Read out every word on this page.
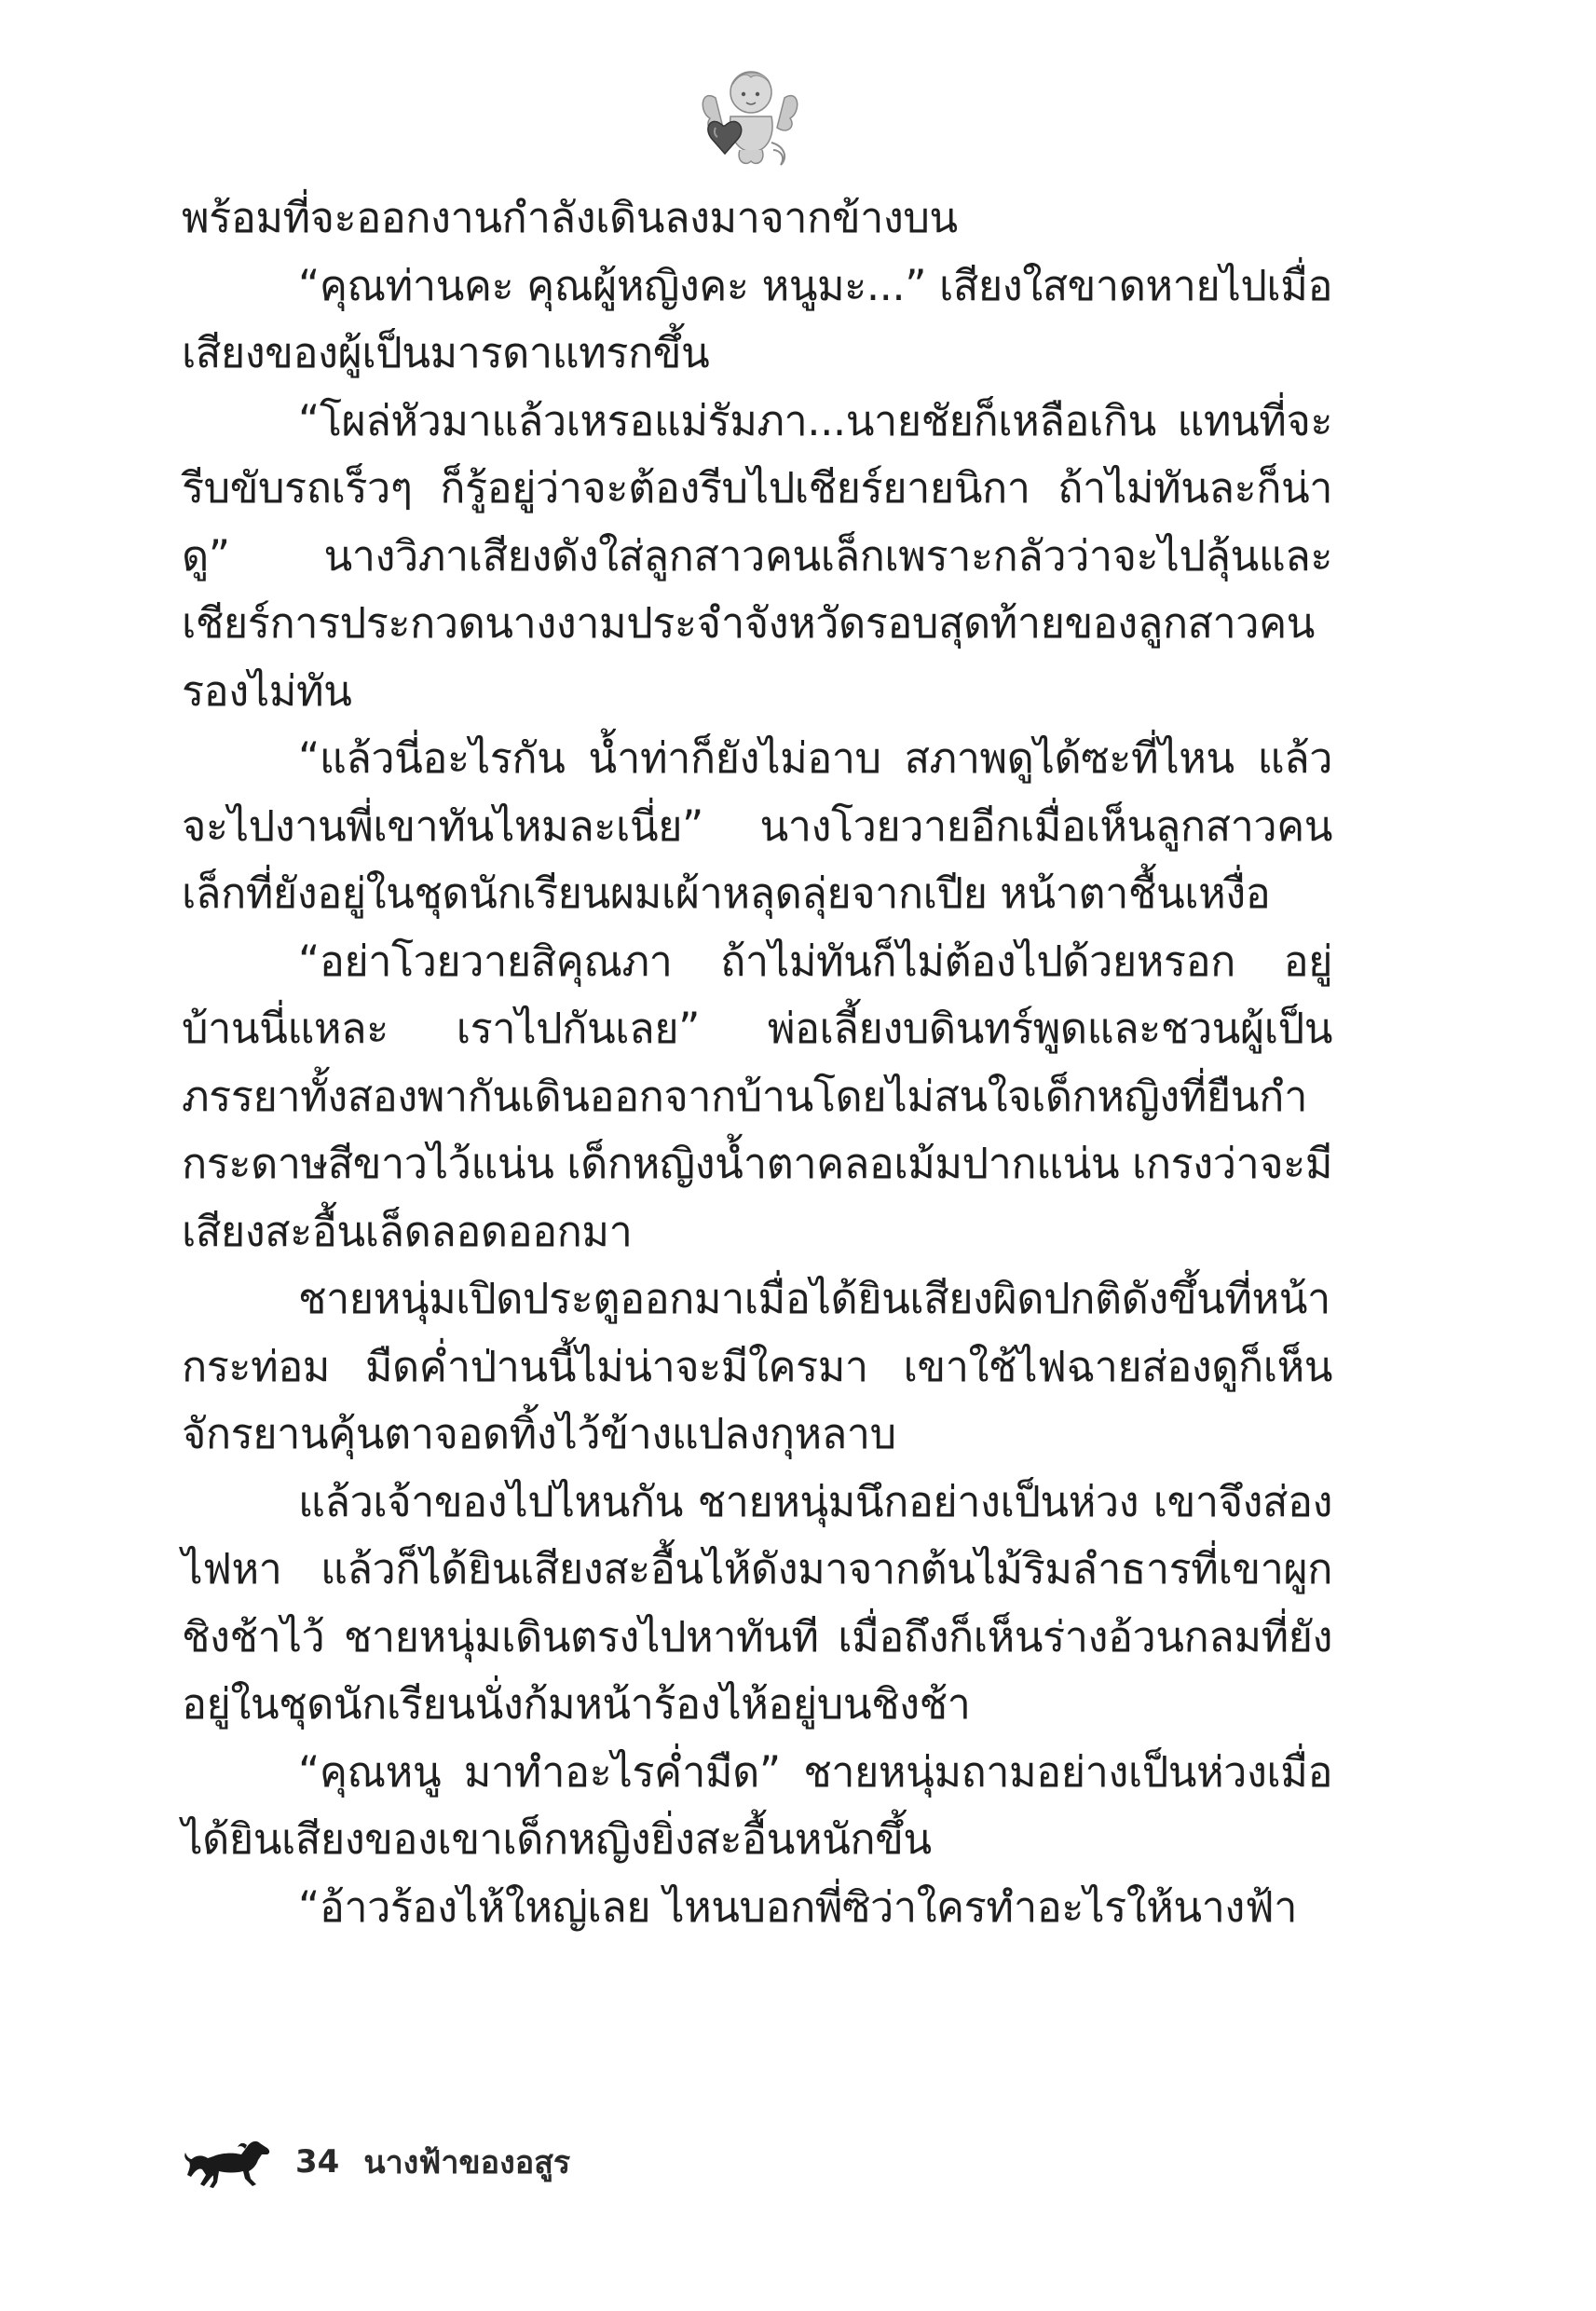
พร้อมที่จะออกงานกำลังเดินลงมาจากข้างบน

“คุณท่านคะ คุณผู้หญิงคะ หนูมะ...” เสียงใสขาดหายไปเมื่อเสียงของผู้เป็นมารดาแทรกขึ้น

“โผล่หัวมาแล้วเหรอแม่รัมภา...นายชัยก็เหลือเกิน แทนที่จะรีบขับรถเร็วๆ ก็รู้อยู่ว่าจะต้องรีบไปเชียร์ยายนิกา ถ้าไม่ทันละก็น่าดู” นางวิภาเสียงดังใส่ลูกสาวคนเล็กเพราะกลัวว่าจะไปลุ้นและเชียร์การประกวดนางงามประจำจังหวัดรอบสุดท้ายของลูกสาวคนรองไม่ทัน

“แล้วนี่อะไรกัน น้ำท่าก็ยังไม่อาบ สภาพดูได้ซะที่ไหน แล้วจะไปงานพี่เขาทันไหมละเนี่ย” นางโวยวายอีกเมื่อเห็นลูกสาวคนเล็กที่ยังอยู่ในชุดนักเรียนผมเผ้าหลุดลุ่ยจากเปีย หน้าตาชื้นเหงื่อ

“อย่าโวยวายสิคุณภา ถ้าไม่ทันก็ไม่ต้องไปด้วยหรอก อยู่บ้านนี่แหละ เราไปกันเลย” พ่อเลี้ยงบดินทร์พูดและชวนผู้เป็นภรรยาทั้งสองพากันเดินออกจากบ้านโดยไม่สนใจเด็กหญิงที่ยืนกำกระดาษสีขาวไว้แน่น เด็กหญิงน้ำตาคลอเม้มปากแน่น เกรงว่าจะมีเสียงสะอื้นเล็ดลอดออกมา

ชายหนุ่มเปิดประตูออกมาเมื่อได้ยินเสียงผิดปกติดังขึ้นที่หน้ากระท่อม มืดค่ำป่านนี้ไม่น่าจะมีใครมา เขาใช้ไฟฉายส่องดูก็เห็นจักรยานคุ้นตาจอดทิ้งไว้ข้างแปลงกุหลาบ

แล้วเจ้าของไปไหนกัน ชายหนุ่มนึกอย่างเป็นห่วง เขาจึงส่องไฟหา แล้วก็ได้ยินเสียงสะอื้นไห้ดังมาจากต้นไม้ริมลำธารที่เขาผูกชิงช้าไว้ ชายหนุ่มเดินตรงไปหาทันที เมื่อถึงก็เห็นร่างอ้วนกลมที่ยังอยู่ในชุดนักเรียนนั่งก้มหน้าร้องไห้อยู่บนชิงช้า

“คุณหนู มาทำอะไรค่ำมืด” ชายหนุ่มถามอย่างเป็นห่วงเมื่อได้ยินเสียงของเขาเด็กหญิงยิ่งสะอื้นหนักขึ้น

“อ้าวร้องไห้ใหญ่เลย ไหนบอกพี่ซิว่าใครทำอะไรให้นางฟ้า

34 นางฟ้าของอสูร
